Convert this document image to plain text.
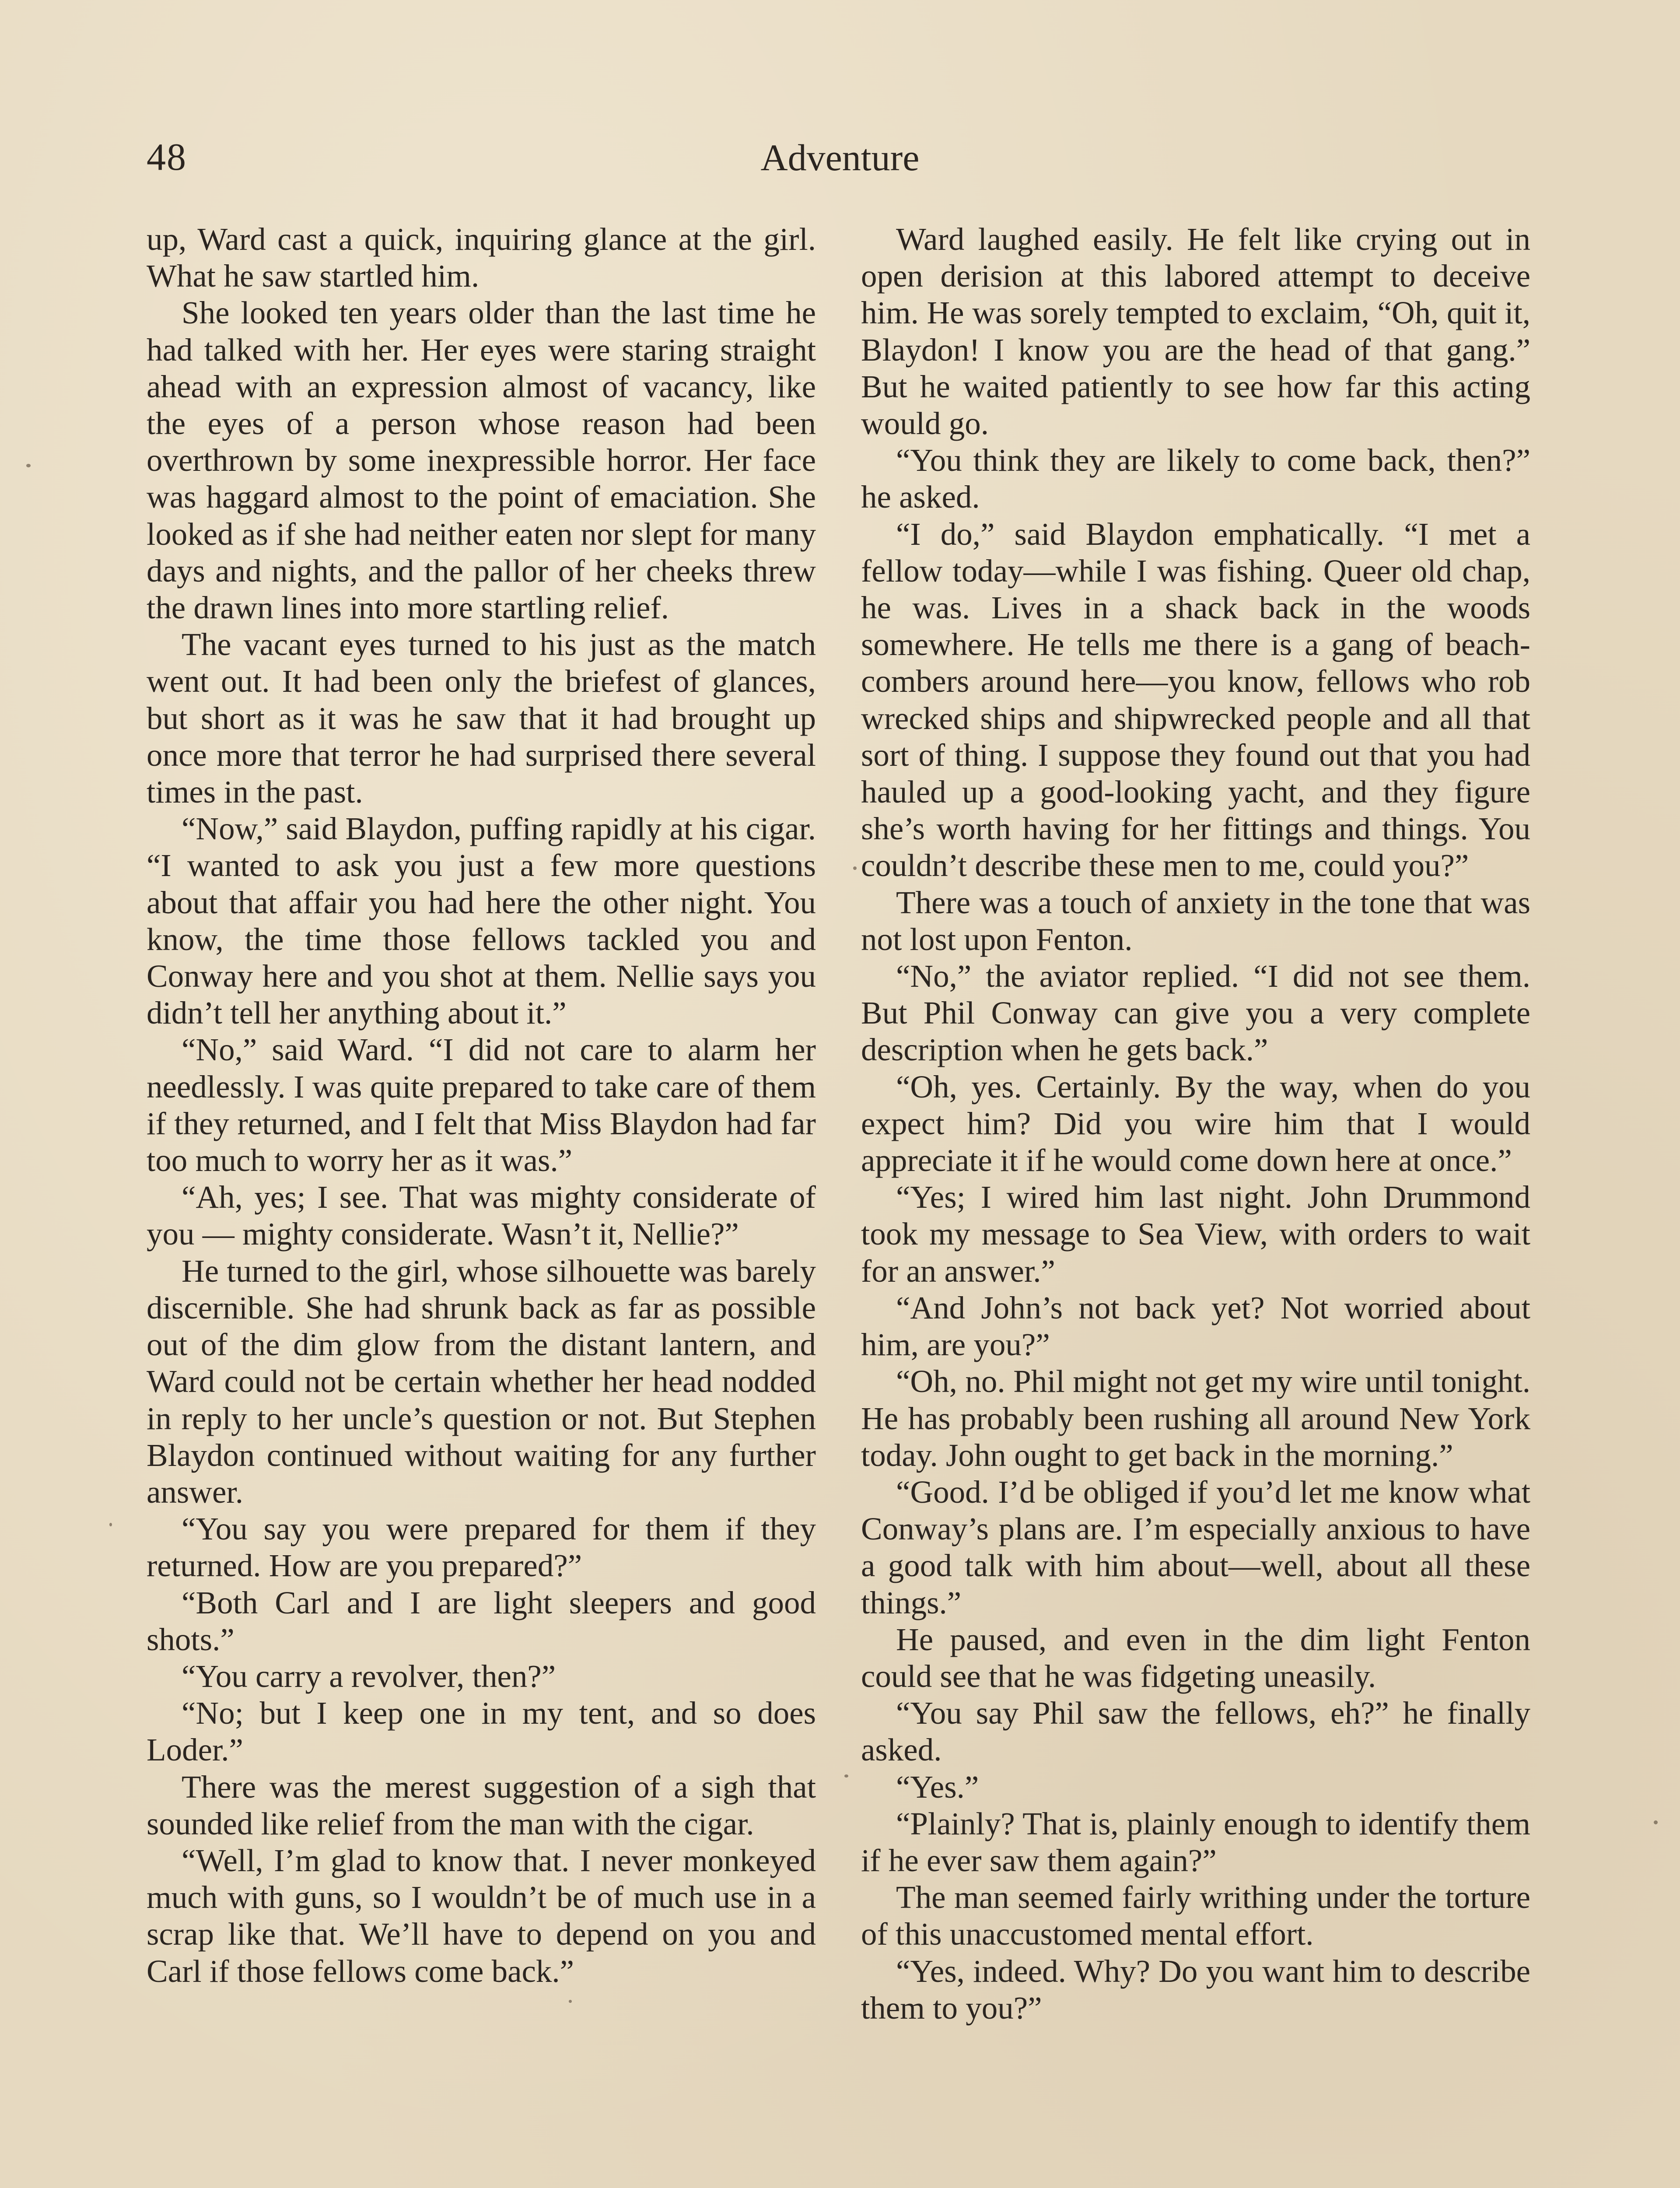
48	Adventure

up, Ward cast a quick, inquiring glance at the girl. What he saw startled him.

She looked ten years older than the last time he had talked with her. Her eyes were staring straight ahead with an expression almost of vacancy, like the eyes of a person whose reason had been overthrown by some inexpressible horror. Her face was haggard almost to the point of emaciation. She looked as if she had neither eaten nor slept for many days and nights, and the pallor of her cheeks threw the drawn lines into more startling relief.

The vacant eyes turned to his just as the match went out. It had been only the briefest of glances, but short as it was he saw that it had brought up once more that terror he had surprised there several times in the past.

“Now,” said Blaydon, puffing rapidly at his cigar. “I wanted to ask you just a few more questions about that affair you had here the other night. You know, the time those fellows tackled you and Conway here and you shot at them. Nellie says you didn’t tell her anything about it.”

“No,” said Ward. “I did not care to alarm her needlessly. I was quite prepared to take care of them if they returned, and I felt that Miss Blaydon had far too much to worry her as it was.”

“Ah, yes; I see. That was mighty considerate of you — mighty considerate. Wasn’t it, Nellie?”

He turned to the girl, whose silhouette was barely discernible. She had shrunk back as far as possible out of the dim glow from the distant lantern, and Ward could not be certain whether her head nodded in reply to her uncle’s question or not. But Stephen Blaydon continued without waiting for any further answer.

“You say you were prepared for them if they returned. How are you prepared?”

“Both Carl and I are light sleepers and good shots.”

“You carry a revolver, then?”

“No; but I keep one in my tent, and so does Loder.”

There was the merest suggestion of a sigh that sounded like relief from the man with the cigar.

“Well, I’m glad to know that. I never monkeyed much with guns, so I wouldn’t be of much use in a scrap like that. We’ll have to depend on you and Carl if those fellows come back.”

Ward laughed easily. He felt like crying out in open derision at this labored attempt to deceive him. He was sorely tempted to exclaim, “Oh, quit it, Blaydon! I know you are the head of that gang.” But he waited patiently to see how far this acting would go.

“You think they are likely to come back, then?” he asked.

“I do,” said Blaydon emphatically. “I met a fellow today—while I was fishing. Queer old chap, he was. Lives in a shack back in the woods somewhere. He tells me there is a gang of beach-combers around here—you know, fellows who rob wrecked ships and shipwrecked people and all that sort of thing. I suppose they found out that you had hauled up a good-looking yacht, and they figure she’s worth having for her fittings and things. You couldn’t describe these men to me, could you?”

There was a touch of anxiety in the tone that was not lost upon Fenton.

“No,” the aviator replied. “I did not see them. But Phil Conway can give you a very complete description when he gets back.”

“Oh, yes. Certainly. By the way, when do you expect him? Did you wire him that I would appreciate it if he would come down here at once.”

“Yes; I wired him last night. John Drummond took my message to Sea View, with orders to wait for an answer.”

“And John’s not back yet? Not worried about him, are you?”

“Oh, no. Phil might not get my wire until tonight. He has probably been rushing all around New York today. John ought to get back in the morning.”

“Good. I’d be obliged if you’d let me know what Conway’s plans are. I’m especially anxious to have a good talk with him about—well, about all these things.”

He paused, and even in the dim light Fenton could see that he was fidgeting uneasily.

“You say Phil saw the fellows, eh?” he finally asked.

“Yes.”

“Plainly? That is, plainly enough to identify them if he ever saw them again?”

The man seemed fairly writhing under the torture of this unaccustomed mental effort.

“Yes, indeed. Why? Do you want him to describe them to you?”
